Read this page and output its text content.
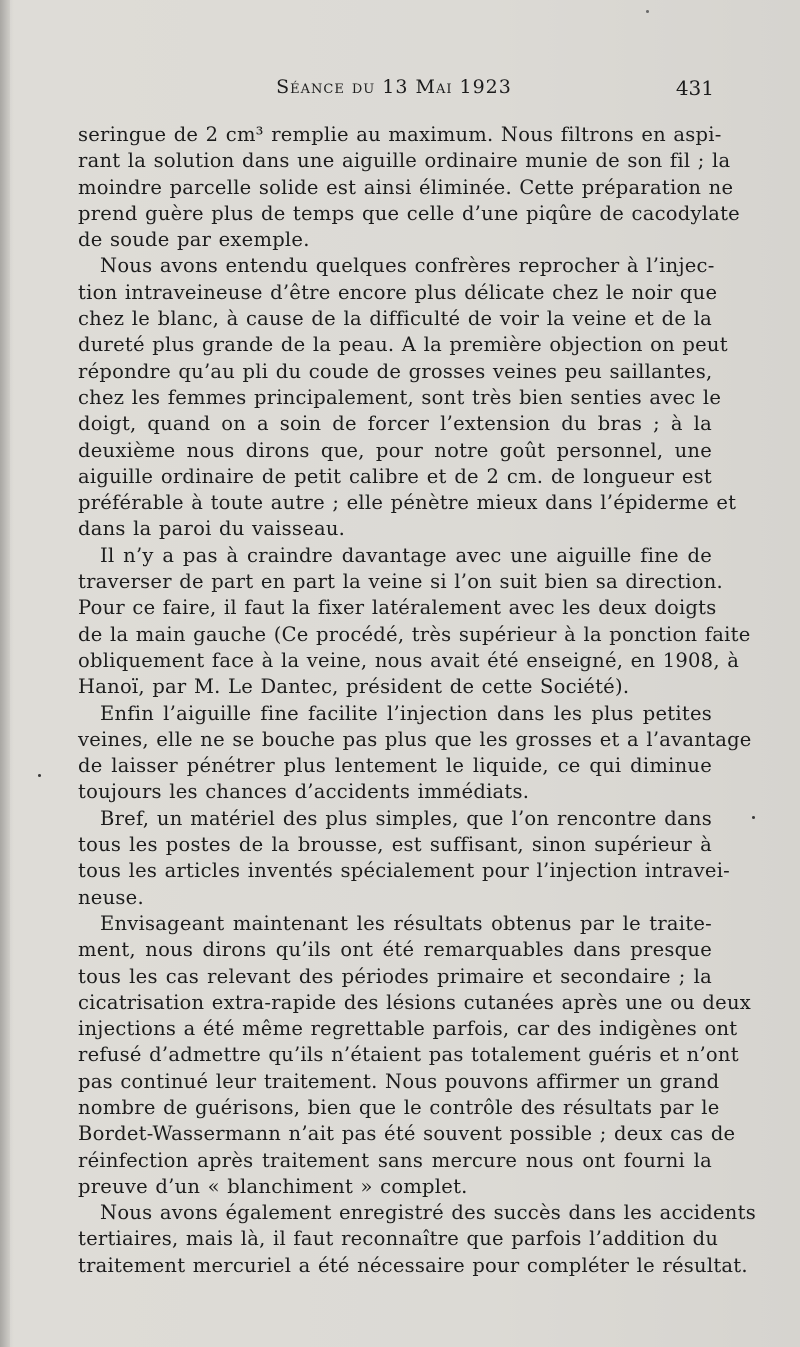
Séance du 13 Mai 1923	431
seringue de 2 cm³ remplie au maximum. Nous filtrons en aspi-
rant la solution dans une aiguille ordinaire munie de son fil ; la
moindre parcelle solide est ainsi éliminée. Cette préparation ne
prend guère plus de temps que celle d’une piqûre de cacodylate
de soude par exemple.
Nous avons entendu quelques confrères reprocher à l’injec-
tion intraveineuse d’être encore plus délicate chez le noir que
chez le blanc, à cause de la difficulté de voir la veine et de la
dureté plus grande de la peau. A la première objection on peut
répondre qu’au pli du coude de grosses veines peu saillantes,
chez les femmes principalement, sont très bien senties avec le
doigt, quand on a soin de forcer l’extension du bras ; à la
deuxième nous dirons que, pour notre goût personnel, une
aiguille ordinaire de petit calibre et de 2 cm. de longueur est
préférable à toute autre ; elle pénètre mieux dans l’épiderme et
dans la paroi du vaisseau.
Il n’y a pas à craindre davantage avec une aiguille fine de
traverser de part en part la veine si l’on suit bien sa direction.
Pour ce faire, il faut la fixer latéralement avec les deux doigts
de la main gauche (Ce procédé, très supérieur à la ponction faite
obliquement face à la veine, nous avait été enseigné, en 1908, à
Hanoï, par M. Le Dantec, président de cette Société).
Enfin l’aiguille fine facilite l’injection dans les plus petites
veines, elle ne se bouche pas plus que les grosses et a l’avantage
de laisser pénétrer plus lentement le liquide, ce qui diminue
toujours les chances d’accidents immédiats.
Bref, un matériel des plus simples, que l’on rencontre dans
tous les postes de la brousse, est suffisant, sinon supérieur à
tous les articles inventés spécialement pour l’injection intravei-
neuse.
Envisageant maintenant les résultats obtenus par le traite-
ment, nous dirons qu’ils ont été remarquables dans presque
tous les cas relevant des périodes primaire et secondaire ; la
cicatrisation extra-rapide des lésions cutanées après une ou deux
injections a été même regrettable parfois, car des indigènes ont
refusé d’admettre qu’ils n’étaient pas totalement guéris et n’ont
pas continué leur traitement. Nous pouvons affirmer un grand
nombre de guérisons, bien que le contrôle des résultats par le
Bordet-Wassermann n’ait pas été souvent possible ; deux cas de
réinfection après traitement sans mercure nous ont fourni la
preuve d’un « blanchiment » complet.
Nous avons également enregistré des succès dans les accidents
tertiaires, mais là, il faut reconnaître que parfois l’addition du
traitement mercuriel a été nécessaire pour compléter le résultat.
